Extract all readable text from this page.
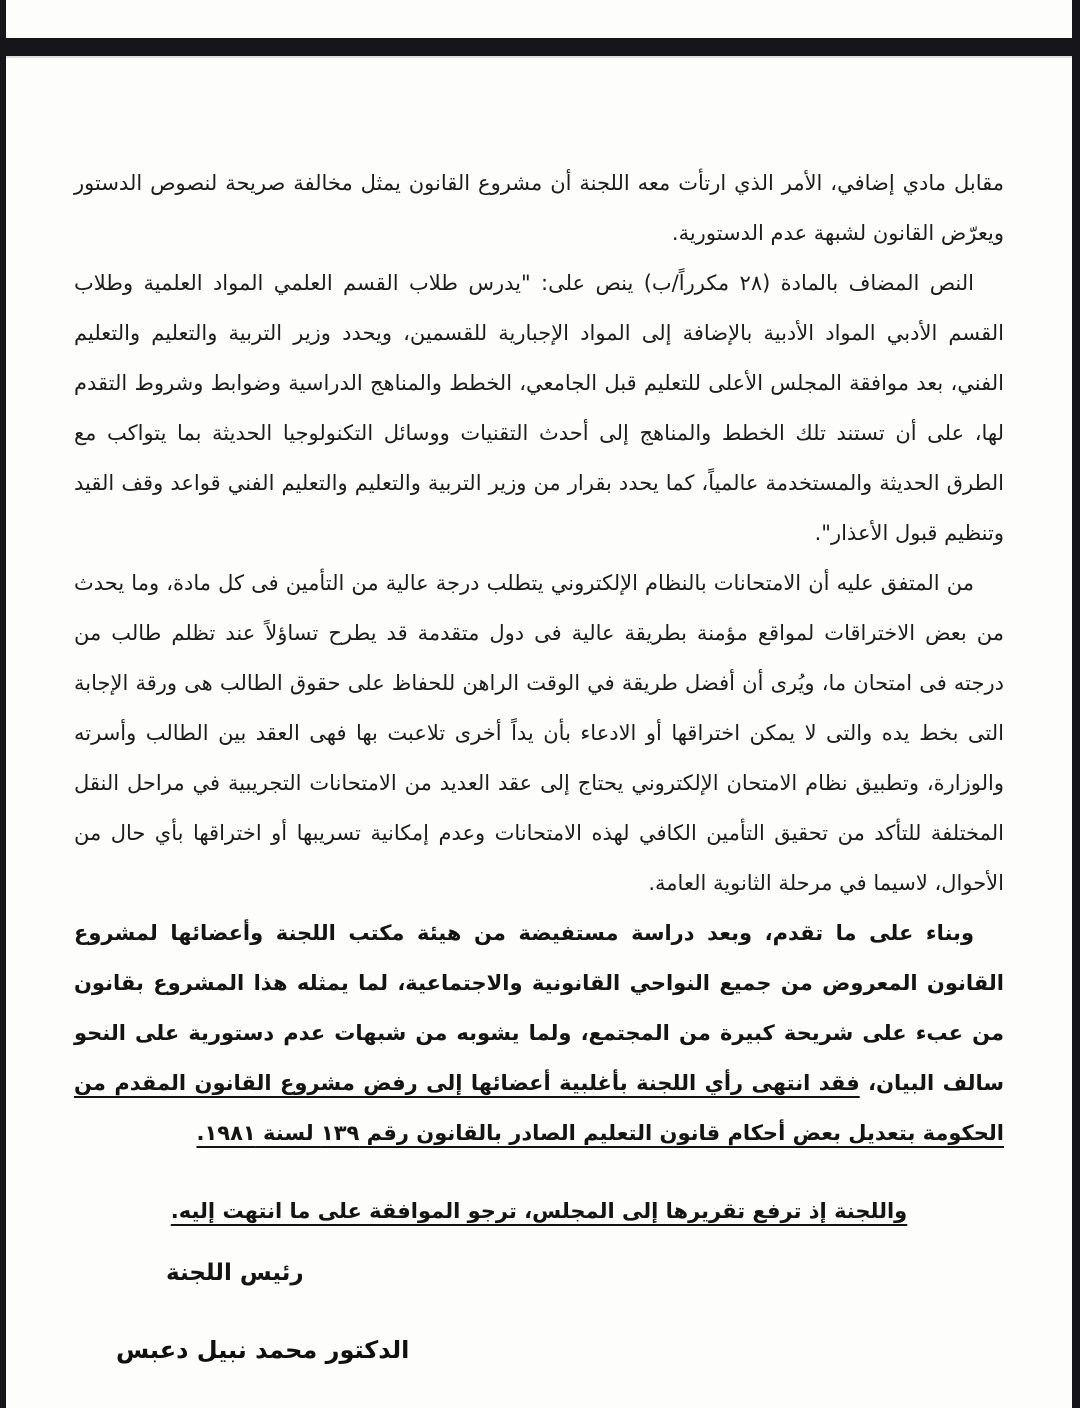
مقابل مادي إضافي، الأمر الذي ارتأت معه اللجنة أن مشروع القانون يمثل مخالفة صريحة لنصوص الدستور ويعرّض القانون لشبهة عدم الدستورية.

النص المضاف بالمادة (٢٨ مكرراً/ب) ينص على: "يدرس طلاب القسم العلمي المواد العلمية وطلاب القسم الأدبي المواد الأدبية بالإضافة إلى المواد الإجبارية للقسمين، ويحدد وزير التربية والتعليم والتعليم الفني، بعد موافقة المجلس الأعلى للتعليم قبل الجامعي، الخطط والمناهج الدراسية وضوابط وشروط التقدم لها، على أن تستند تلك الخطط والمناهج إلى أحدث التقنيات ووسائل التكنولوجيا الحديثة بما يتواكب مع الطرق الحديثة والمستخدمة عالمياً، كما يحدد بقرار من وزير التربية والتعليم والتعليم الفني قواعد وقف القيد وتنظيم قبول الأعذار".

من المتفق عليه أن الامتحانات بالنظام الإلكتروني يتطلب درجة عالية من التأمين فى كل مادة، وما يحدث من بعض الاختراقات لمواقع مؤمنة بطريقة عالية فى دول متقدمة قد يطرح تساؤلاً عند تظلم طالب من درجته فى امتحان ما، ويُرى أن أفضل طريقة في الوقت الراهن للحفاظ على حقوق الطالب هى ورقة الإجابة التى بخط يده والتى لا يمكن اختراقها أو الادعاء بأن يداً أخرى تلاعبت بها فهى العقد بين الطالب وأسرته والوزارة، وتطبيق نظام الامتحان الإلكتروني يحتاج إلى عقد العديد من الامتحانات التجريبية في مراحل النقل المختلفة للتأكد من تحقيق التأمين الكافي لهذه الامتحانات وعدم إمكانية تسريبها أو اختراقها بأي حال من الأحوال، لاسيما في مرحلة الثانوية العامة.

وبناء على ما تقدم، وبعد دراسة مستفيضة من هيئة مكتب اللجنة وأعضائها لمشروع القانون المعروض من جميع النواحي القانونية والاجتماعية، لما يمثله هذا المشروع بقانون من عبء على شريحة كبيرة من المجتمع، ولما يشوبه من شبهات عدم دستورية على النحو سالف البيان، فقد انتهى رأي اللجنة بأغلبية أعضائها إلى رفض مشروع القانون المقدم من الحكومة بتعديل بعض أحكام قانون التعليم الصادر بالقانون رقم ١٣٩ لسنة ١٩٨١.

واللجنة إذ ترفع تقريرها إلى المجلس، ترجو الموافقة على ما انتهت إليه.

رئيس اللجنة
الدكتور محمد نبيل دعبس
